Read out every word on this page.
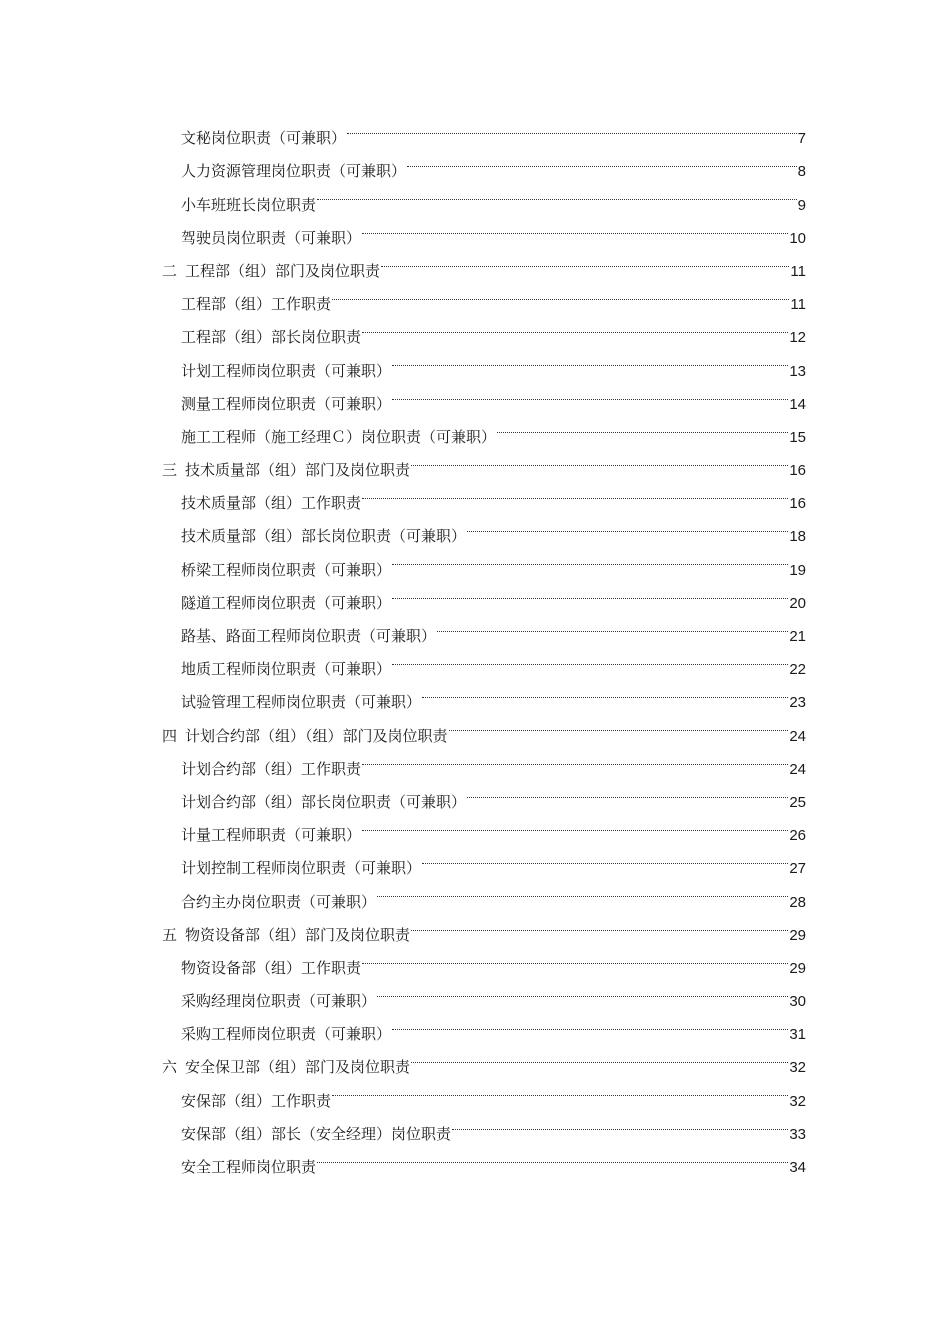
文秘岗位职责（可兼职）	7
人力资源管理岗位职责（可兼职）	8
小车班班长岗位职责	9
驾驶员岗位职责（可兼职）	10
二 工程部（组）部门及岗位职责	11
工程部（组）工作职责	11
工程部（组）部长岗位职责	12
计划工程师岗位职责（可兼职）	13
测量工程师岗位职责（可兼职）	14
施工工程师（施工经理Ｃ）岗位职责（可兼职）	15
三 技术质量部（组）部门及岗位职责	16
技术质量部（组）工作职责	16
技术质量部（组）部长岗位职责（可兼职）	18
桥梁工程师岗位职责（可兼职）	19
隧道工程师岗位职责（可兼职）	20
路基、路面工程师岗位职责（可兼职）	21
地质工程师岗位职责（可兼职）	22
试验管理工程师岗位职责（可兼职）	23
四 计划合约部（组）（组）部门及岗位职责	24
计划合约部（组）工作职责	24
计划合约部（组）部长岗位职责（可兼职）	25
计量工程师职责（可兼职）	26
计划控制工程师岗位职责（可兼职）	27
合约主办岗位职责（可兼职）	28
五 物资设备部（组）部门及岗位职责	29
物资设备部（组）工作职责	29
采购经理岗位职责（可兼职）	30
采购工程师岗位职责（可兼职）	31
六 安全保卫部（组）部门及岗位职责	32
安保部（组）工作职责	32
安保部（组）部长（安全经理）岗位职责	33
安全工程师岗位职责	34
